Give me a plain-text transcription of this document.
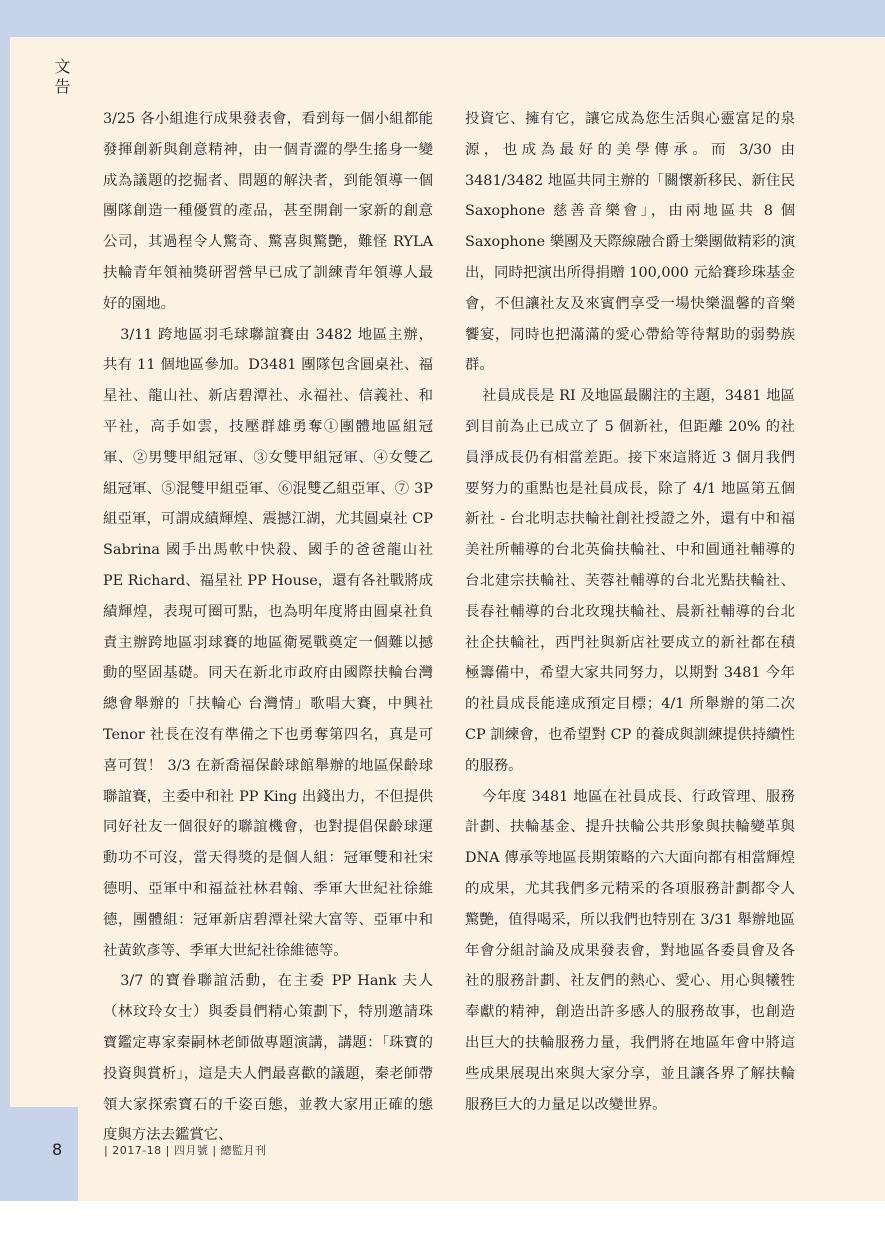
文告

3/25 各小組進行成果發表會，看到每一個小組都能發揮創新與創意精神，由一個青澀的學生搖身一變成為議題的挖掘者、問題的解決者，到能領導一個團隊創造一種優質的產品，甚至開創一家新的創意公司，其過程令人驚奇、驚喜與驚艷，難怪 RYLA 扶輪青年領袖獎研習營早已成了訓練青年領導人最好的園地。

3/11 跨地區羽毛球聯誼賽由 3482 地區主辦，共有 11 個地區參加。D3481 團隊包含圓桌社、福星社、龍山社、新店碧潭社、永福社、信義社、和平社，高手如雲，技壓群雄勇奪①團體地區組冠軍、②男雙甲組冠軍、③女雙甲組冠軍、④女雙乙組冠軍、⑤混雙甲組亞軍、⑥混雙乙組亞軍、⑦ 3P 組亞軍，可謂成績輝煌、震撼江湖，尤其圓桌社 CP Sabrina 國手出馬軟中快殺、國手的爸爸龍山社 PE Richard、福星社 PP House，還有各社戰將成績輝煌，表現可圈可點，也為明年度將由圓桌社負責主辦跨地區羽球賽的地區衛冕戰奠定一個難以撼動的堅固基礎。同天在新北市政府由國際扶輪台灣總會舉辦的「扶輪心 台灣情」歌唱大賽，中興社 Tenor 社長在沒有準備之下也勇奪第四名，真是可喜可賀！ 3/3 在新喬福保齡球館舉辦的地區保齡球聯誼賽，主委中和社 PP King 出錢出力，不但提供同好社友一個很好的聯誼機會，也對提倡保齡球運動功不可沒，當天得獎的是個人組：冠軍雙和社宋德明、亞軍中和福益社林君翰、季軍大世紀社徐維德，團體組：冠軍新店碧潭社梁大富等、亞軍中和社黃欽彥等、季軍大世紀社徐維德等。

3/7 的寶眷聯誼活動，在主委 PP Hank 夫人（林玟玲女士）與委員們精心策劃下，特別邀請珠寶鑑定專家秦嗣林老師做專題演講，講題：「珠寶的投資與賞析」，這是夫人們最喜歡的議題，秦老師帶領大家探索寶石的千姿百態，並教大家用正確的態度與方法去鑑賞它、

投資它、擁有它，讓它成為您生活與心靈富足的泉源，也成為最好的美學傳承。而 3/30 由 3481/3482 地區共同主辦的「關懷新移民、新住民 Saxophone 慈善音樂會」，由兩地區共 8 個 Saxophone 樂團及天際線融合爵士樂團做精彩的演出，同時把演出所得捐贈 100,000 元給賽珍珠基金會，不但讓社友及來賓們享受一場快樂溫馨的音樂饗宴，同時也把滿滿的愛心帶給等待幫助的弱勢族群。

社員成長是 RI 及地區最關注的主題，3481 地區到目前為止已成立了 5 個新社，但距離 20% 的社員淨成長仍有相當差距。接下來這將近 3 個月我們要努力的重點也是社員成長，除了 4/1 地區第五個新社 - 台北明志扶輪社創社授證之外，還有中和福美社所輔導的台北英倫扶輪社、中和圓通社輔導的台北建宗扶輪社、芙蓉社輔導的台北光點扶輪社、長春社輔導的台北玫瑰扶輪社、晨新社輔導的台北社企扶輪社，西門社與新店社要成立的新社都在積極籌備中，希望大家共同努力，以期對 3481 今年的社員成長能達成預定目標；4/1 所舉辦的第二次 CP 訓練會，也希望對 CP 的養成與訓練提供持續性的服務。

今年度 3481 地區在社員成長、行政管理、服務計劃、扶輪基金、提升扶輪公共形象與扶輪變革與 DNA 傳承等地區長期策略的六大面向都有相當輝煌的成果，尤其我們多元精采的各項服務計劃都令人驚艷，值得喝采，所以我們也特別在 3/31 舉辦地區年會分組討論及成果發表會，對地區各委員會及各社的服務計劃、社友們的熱心、愛心、用心與犧牲奉獻的精神，創造出許多感人的服務故事，也創造出巨大的扶輪服務力量，我們將在地區年會中將這些成果展現出來與大家分享，並且讓各界了解扶輪服務巨大的力量足以改變世界。

8	| 2017-18 | 四月號 | 總監月刊
